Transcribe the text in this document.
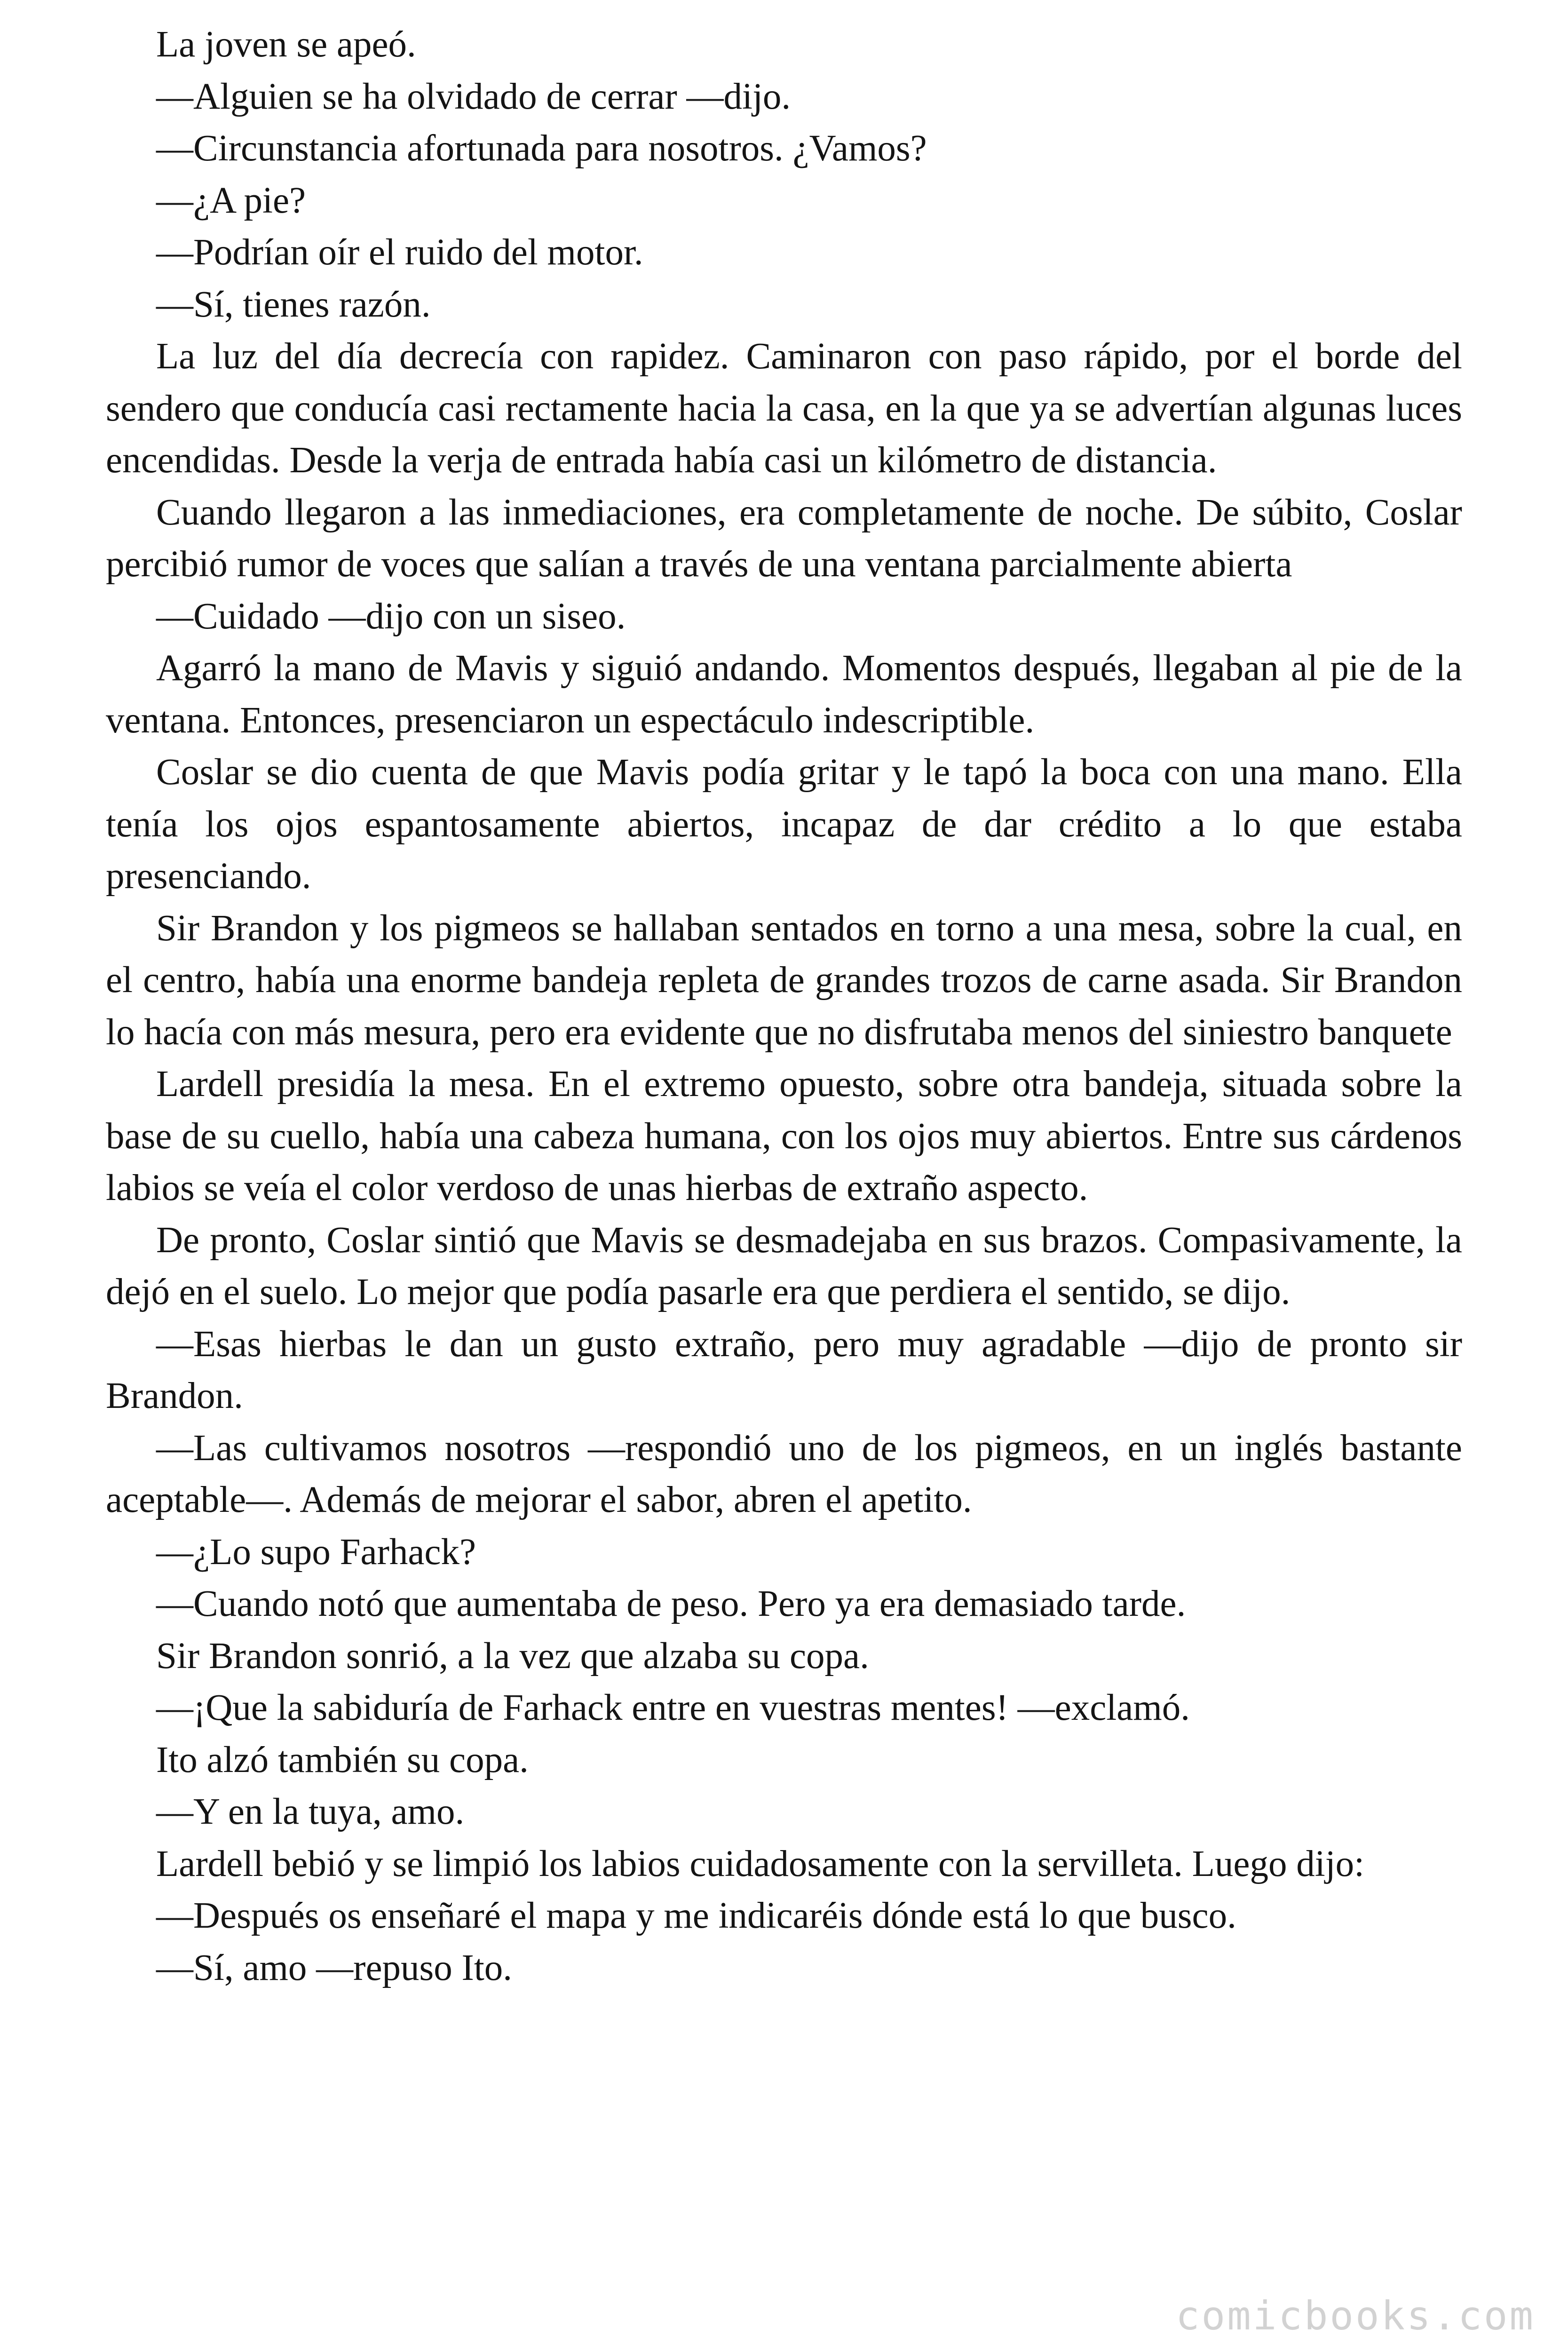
La joven se apeó.

—Alguien se ha olvidado de cerrar —dijo.

—Circunstancia afortunada para nosotros. ¿Vamos?

—¿A pie?

—Podrían oír el ruido del motor.

—Sí, tienes razón.

La luz del día decrecía con rapidez. Caminaron con paso rápido, por el borde del sendero que conducía casi rectamente hacia la casa, en la que ya se advertían algunas luces encendidas. Desde la verja de entrada había casi un kilómetro de distancia.

Cuando llegaron a las inmediaciones, era completamente de noche. De súbito, Coslar percibió rumor de voces que salían a través de una ventana parcialmente abierta

—Cuidado —dijo con un siseo.

Agarró la mano de Mavis y siguió andando. Momentos después, llegaban al pie de la ventana. Entonces, presenciaron un espectáculo indescriptible.

Coslar se dio cuenta de que Mavis podía gritar y le tapó la boca con una mano. Ella tenía los ojos espantosamente abiertos, incapaz de dar crédito a lo que estaba presenciando.

Sir Brandon y los pigmeos se hallaban sentados en torno a una mesa, sobre la cual, en el centro, había una enorme bandeja repleta de grandes trozos de carne asada. Sir Brandon lo hacía con más mesura, pero era evidente que no disfrutaba menos del siniestro banquete

Lardell presidía la mesa. En el extremo opuesto, sobre otra bandeja, situada sobre la base de su cuello, había una cabeza humana, con los ojos muy abiertos. Entre sus cárdenos labios se veía el color verdoso de unas hierbas de extraño aspecto.

De pronto, Coslar sintió que Mavis se desmadejaba en sus brazos. Compasivamente, la dejó en el suelo. Lo mejor que podía pasarle era que perdiera el sentido, se dijo.

—Esas hierbas le dan un gusto extraño, pero muy agradable —dijo de pronto sir Brandon.

—Las cultivamos nosotros —respondió uno de los pigmeos, en un inglés bastante aceptable—. Además de mejorar el sabor, abren el apetito.

—¿Lo supo Farhack?

—Cuando notó que aumentaba de peso. Pero ya era demasiado tarde.

Sir Brandon sonrió, a la vez que alzaba su copa.

—¡Que la sabiduría de Farhack entre en vuestras mentes! —exclamó.

Ito alzó también su copa.

—Y en la tuya, amo.

Lardell bebió y se limpió los labios cuidadosamente con la servilleta. Luego dijo:

—Después os enseñaré el mapa y me indicaréis dónde está lo que busco.

—Sí, amo —repuso Ito.

comicbooks.com
